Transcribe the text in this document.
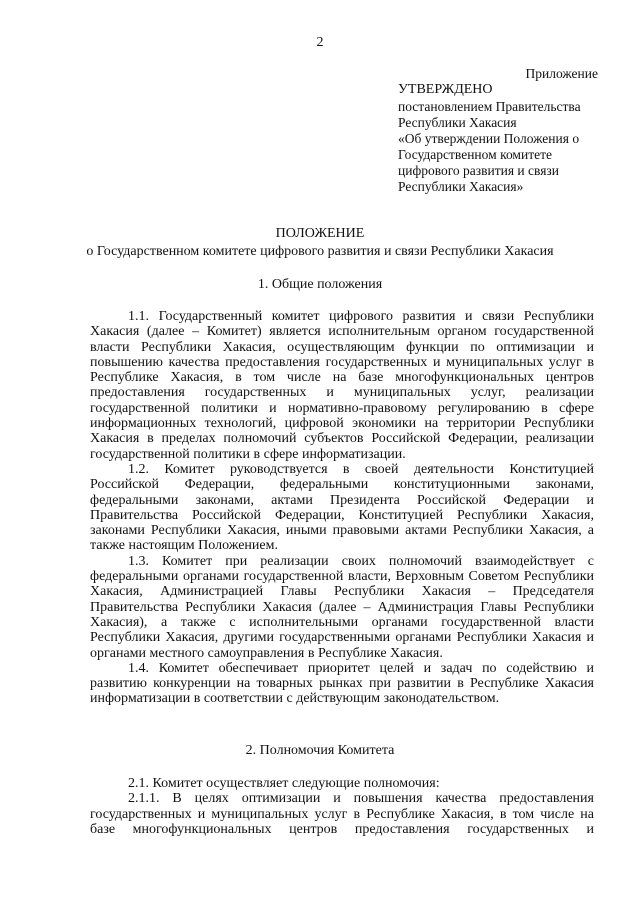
2
Приложение
УТВЕРЖДЕНО
постановлением Правительства
Республики Хакасия
«Об утверждении Положения о
Государственном комитете
цифрового развития и связи
Республики Хакасия»
ПОЛОЖЕНИЕ
о Государственном комитете цифрового развития и связи Республики Хакасия
1. Общие положения

1.1. Государственный комитет цифрового развития и связи Республики Хакасия (далее – Комитет) является исполнительным органом государственной власти Республики Хакасия, осуществляющим функции по оптимизации и повышению качества предоставления государственных и муниципальных услуг в Республике Хакасия, в том числе на базе многофункциональных центров предоставления государственных и муниципальных услуг, реализации государственной политики и нормативно-правовому регулированию в сфере информационных технологий, цифровой экономики на территории Республики Хакасия в пределах полномочий субъектов Российской Федерации, реализации государственной политики в сфере информатизации.

1.2. Комитет руководствуется в своей деятельности Конституцией Российской Федерации, федеральными конституционными законами, федеральными законами, актами Президента Российской Федерации и Правительства Российской Федерации, Конституцией Республики Хакасия, законами Республики Хакасия, иными правовыми актами Республики Хакасия, а также настоящим Положением.

1.3. Комитет при реализации своих полномочий взаимодействует с федеральными органами государственной власти, Верховным Советом Республики Хакасия, Администрацией Главы Республики Хакасия – Председателя Правительства Республики Хакасия (далее – Администрация Главы Республики Хакасия), а также с исполнительными органами государственной власти Республики Хакасия, другими государственными органами Республики Хакасия и органами местного самоуправления в Республике Хакасия.

1.4. Комитет обеспечивает приоритет целей и задач по содействию и развитию конкуренции на товарных рынках при развитии в Республике Хакасия информатизации в соответствии с действующим законодательством.

2. Полномочия Комитета

2.1. Комитет осуществляет следующие полномочия:

2.1.1. В целях оптимизации и повышения качества предоставления государственных и муниципальных услуг в Республике Хакасия, в том числе на базе многофункциональных центров предоставления государственных и
